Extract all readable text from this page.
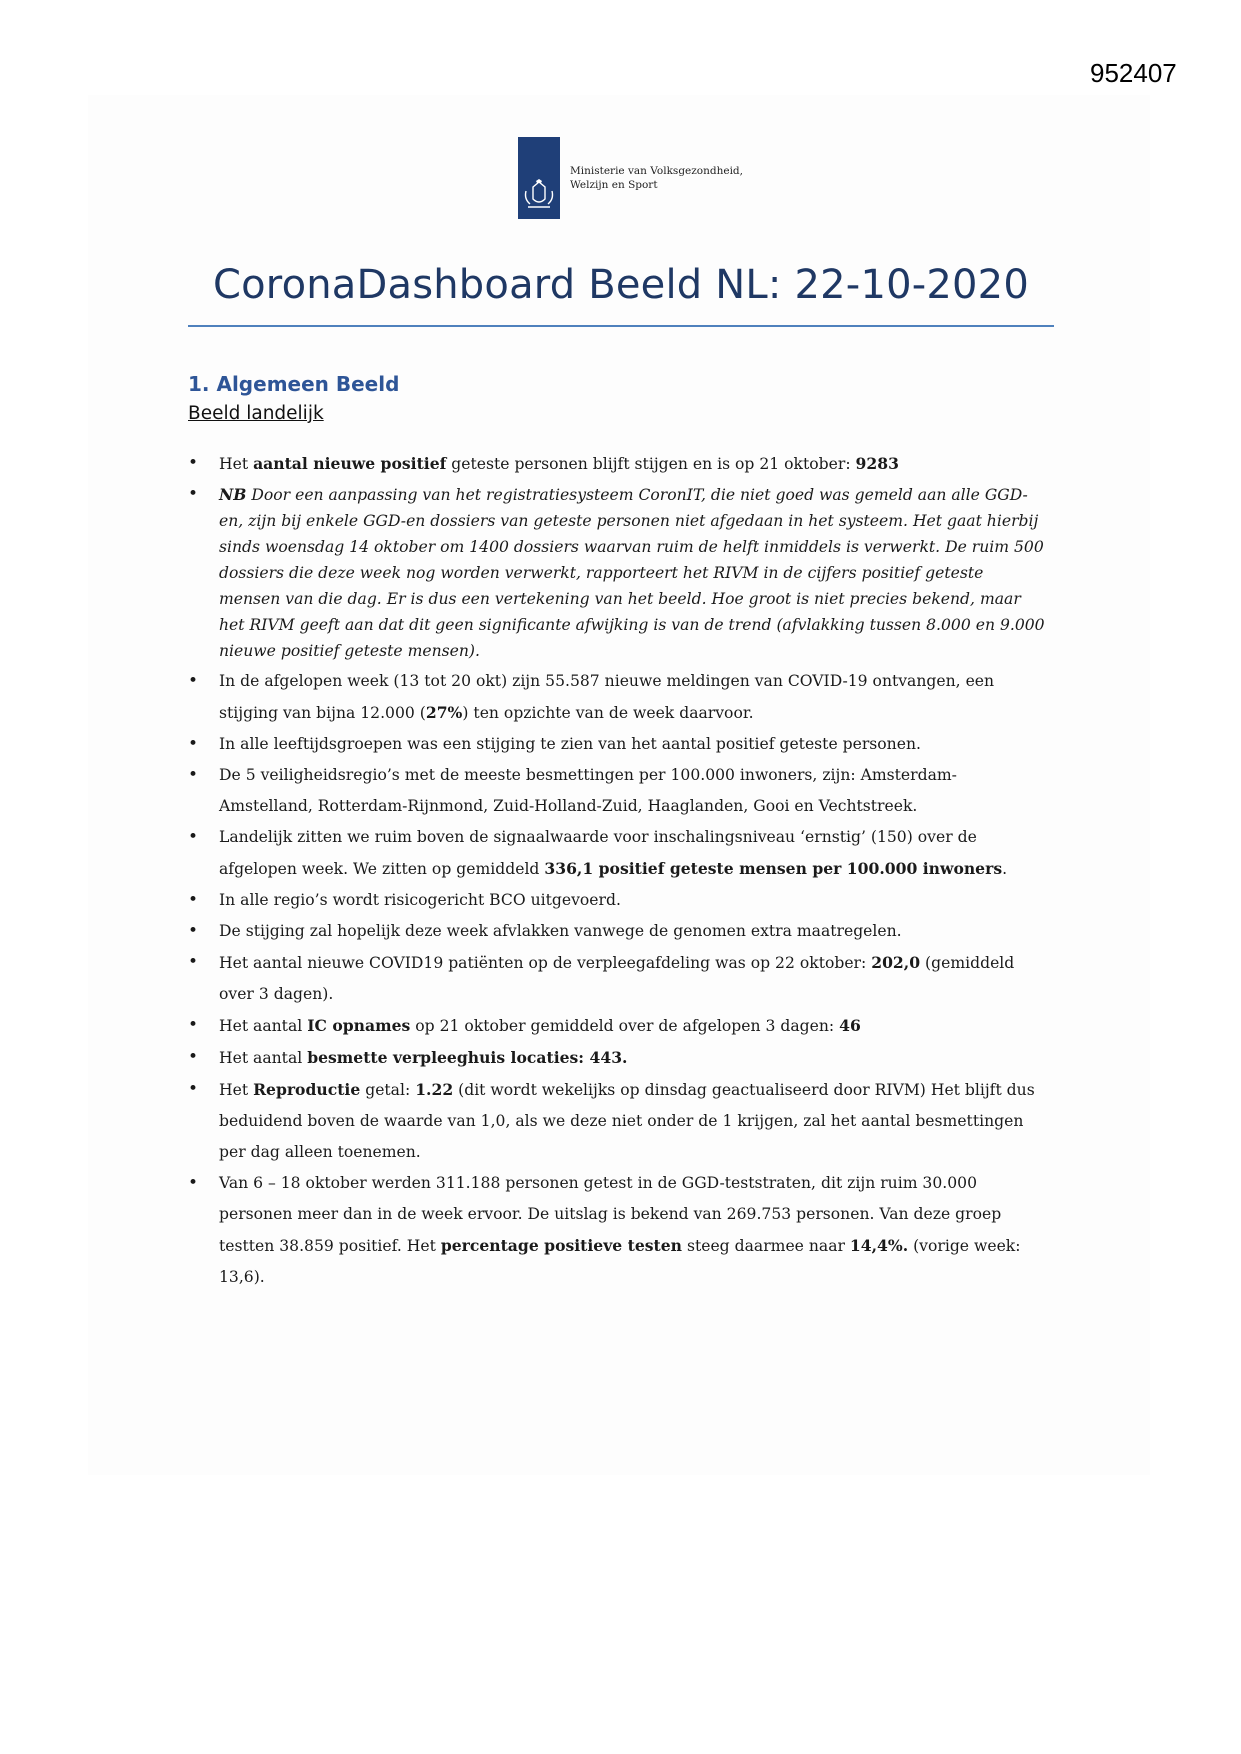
952407
Ministerie van Volksgezondheid,
Welzijn en Sport
CoronaDashboard Beeld NL: 22-10-2020
1. Algemeen Beeld
Beeld landelijk
• Het aantal nieuwe positief geteste personen blijft stijgen en is op 21 oktober: 9283
• NB Door een aanpassing van het registratiesysteem CoronIT, die niet goed was gemeld aan alle GGD-en, zijn bij enkele GGD-en dossiers van geteste personen niet afgedaan in het systeem. Het gaat hierbij sinds woensdag 14 oktober om 1400 dossiers waarvan ruim de helft inmiddels is verwerkt. De ruim 500 dossiers die deze week nog worden verwerkt, rapporteert het RIVM in de cijfers positief geteste mensen van die dag. Er is dus een vertekening van het beeld. Hoe groot is niet precies bekend, maar het RIVM geeft aan dat dit geen significante afwijking is van de trend (afvlakking tussen 8.000 en 9.000 nieuwe positief geteste mensen).
• In de afgelopen week (13 tot 20 okt) zijn 55.587 nieuwe meldingen van COVID-19 ontvangen, een stijging van bijna 12.000 (27%) ten opzichte van de week daarvoor.
• In alle leeftijdsgroepen was een stijging te zien van het aantal positief geteste personen.
• De 5 veiligheidsregio’s met de meeste besmettingen per 100.000 inwoners, zijn: Amsterdam-Amstelland, Rotterdam-Rijnmond, Zuid-Holland-Zuid, Haaglanden, Gooi en Vechtstreek.
• Landelijk zitten we ruim boven de signaalwaarde voor inschalingsniveau ‘ernstig’ (150) over de afgelopen week. We zitten op gemiddeld 336,1 positief geteste mensen per 100.000 inwoners.
• In alle regio’s wordt risicogericht BCO uitgevoerd.
• De stijging zal hopelijk deze week afvlakken vanwege de genomen extra maatregelen.
• Het aantal nieuwe COVID19 patiënten op de verpleegafdeling was op 22 oktober: 202,0 (gemiddeld over 3 dagen).
• Het aantal IC opnames op 21 oktober gemiddeld over de afgelopen 3 dagen: 46
• Het aantal besmette verpleeghuis locaties: 443.
• Het Reproductie getal: 1.22 (dit wordt wekelijks op dinsdag geactualiseerd door RIVM) Het blijft dus beduidend boven de waarde van 1,0, als we deze niet onder de 1 krijgen, zal het aantal besmettingen per dag alleen toenemen.
• Van 6 – 18 oktober werden 311.188 personen getest in de GGD-teststraten, dit zijn ruim 30.000 personen meer dan in de week ervoor. De uitslag is bekend van 269.753 personen. Van deze groep testten 38.859 positief. Het percentage positieve testen steeg daarmee naar 14,4%. (vorige week: 13,6).
